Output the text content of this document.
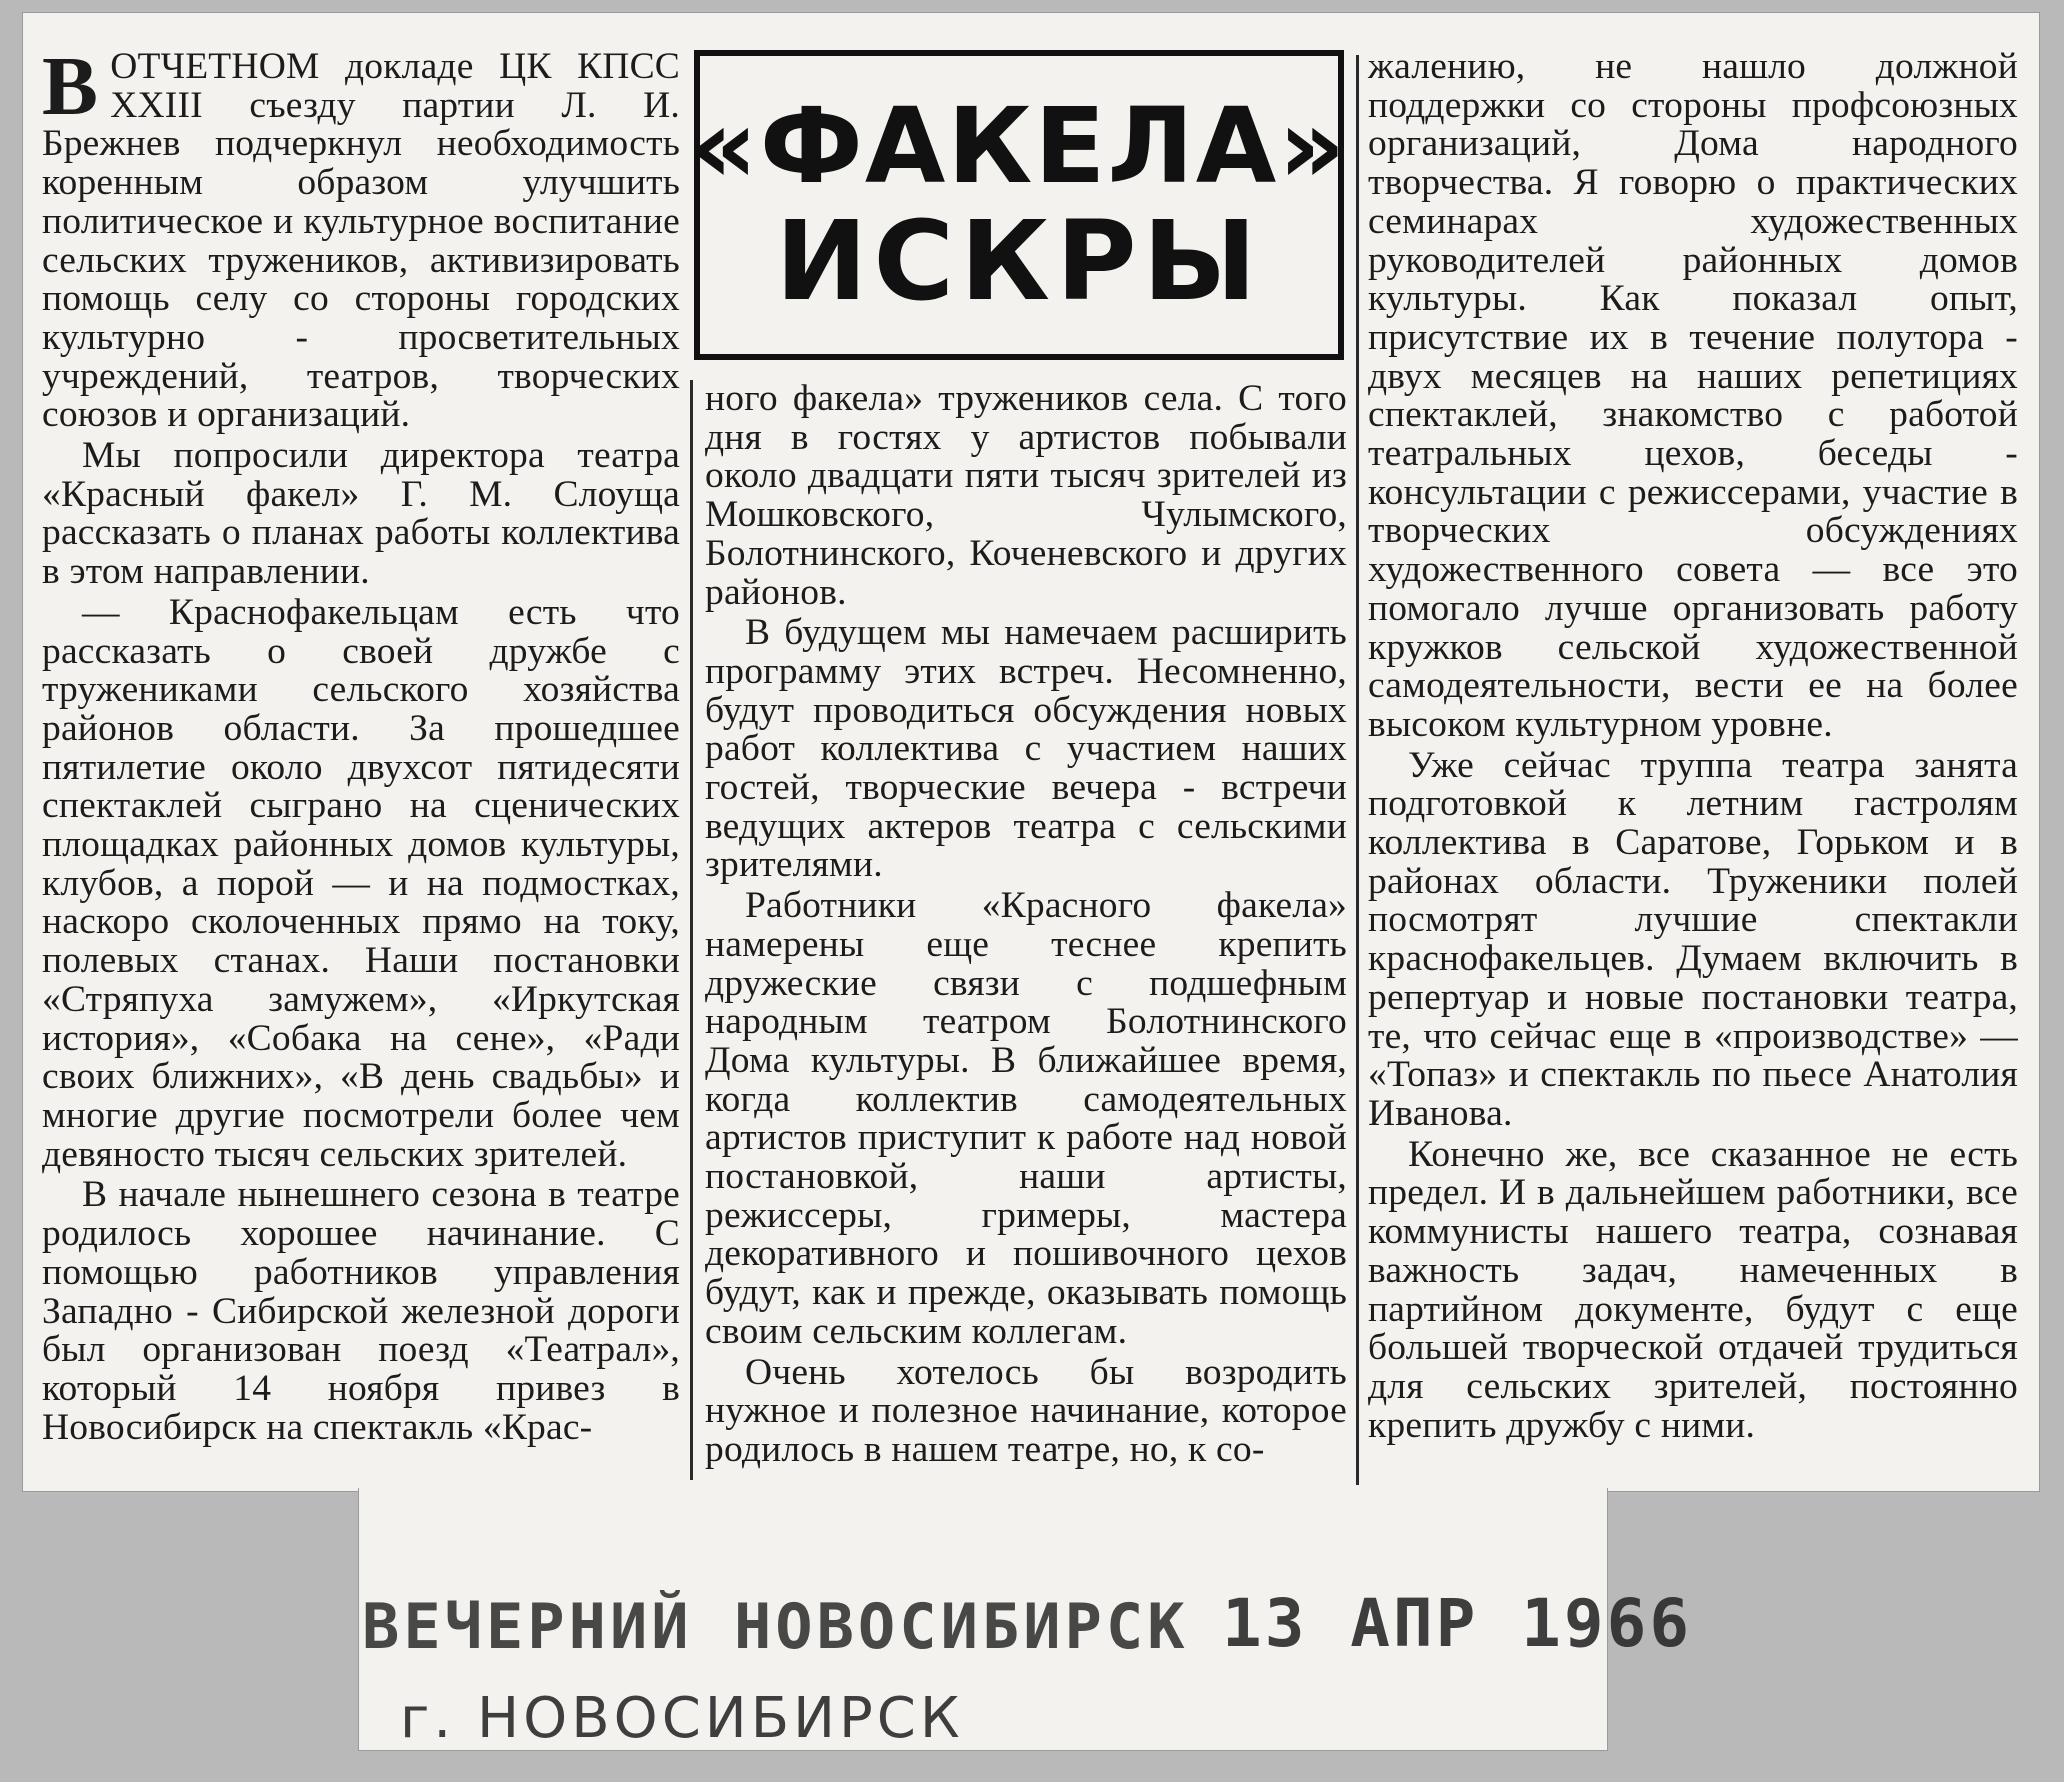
«ФАКЕЛА»
ИСКРЫ

ВОТЧЕТНОМ докладе ЦК КПСС XXIII съезду партии Л. И. Брежнев подчеркнул необходимость коренным образом улучшить политическое и культурное воспитание сельских тружеников, активизировать помощь селу со стороны городских культурно - просветительных учреждений, театров, творческих союзов и организаций.

Мы попросили директора театра «Красный факел» Г. М. Слоуща рассказать о планах работы коллектива в этом направлении.

— Краснофакельцам есть что рассказать о своей дружбе с тружениками сельского хозяйства районов области. За прошедшее пятилетие около двухсот пятидесяти спектаклей сыграно на сценических площадках районных домов культуры, клубов, а порой — и на подмостках, наскоро сколоченных прямо на току, полевых станах. Наши постановки «Стряпуха замужем», «Иркутская история», «Собака на сене», «Ради своих ближних», «В день свадьбы» и многие другие посмотрели более чем девяносто тысяч сельских зрителей.

В начале нынешнего сезона в театре родилось хорошее начинание. С помощью работников управления Западно - Сибирской железной дороги был организован поезд «Театрал», который 14 ноября привез в Новосибирск на спектакль «Крас-

ного факела» тружеников села. С того дня в гостях у артистов побывали около двадцати пяти тысяч зрителей из Мошковского, Чулымского, Болотнинского, Коченевского и других районов.

В будущем мы намечаем расширить программу этих встреч. Несомненно, будут проводиться обсуждения новых работ коллектива с участием наших гостей, творческие вечера - встречи ведущих актеров театра с сельскими зрителями.

Работники «Красного факела» намерены еще теснее крепить дружеские связи с подшефным народным театром Болотнинского Дома культуры. В ближайшее время, когда коллектив самодеятельных артистов приступит к работе над новой постановкой, наши артисты, режиссеры, гримеры, мастера декоративного и пошивочного цехов будут, как и прежде, оказывать помощь своим сельским коллегам.

Очень хотелось бы возродить нужное и полезное начинание, которое родилось в нашем театре, но, к со-

жалению, не нашло должной поддержки со стороны профсоюзных организаций, Дома народного творчества. Я говорю о практических семинарах художественных руководителей районных домов культуры. Как показал опыт, присутствие их в течение полутора - двух месяцев на наших репетициях спектаклей, знакомство с работой театральных цехов, беседы - консультации с режиссерами, участие в творческих обсуждениях художественного совета — все это помогало лучше организовать работу кружков сельской художественной самодеятельности, вести ее на более высоком культурном уровне.

Уже сейчас труппа театра занята подготовкой к летним гастролям коллектива в Саратове, Горьком и в районах области. Труженики полей посмотрят лучшие спектакли краснофакельцев. Думаем включить в репертуар и новые постановки театра, те, что сейчас еще в «производстве» — «Топаз» и спектакль по пьесе Анатолия Иванова.

Конечно же, все сказанное не есть предел. И в дальнейшем работники, все коммунисты нашего театра, сознавая важность задач, намеченных в партийном документе, будут с еще большей творческой отдачей трудиться для сельских зрителей, постоянно крепить дружбу с ними.

ВЕЧЕРНИЙ НОВОСИБИРСК 13 АПР 1966
г. НОВОСИБИРСК
